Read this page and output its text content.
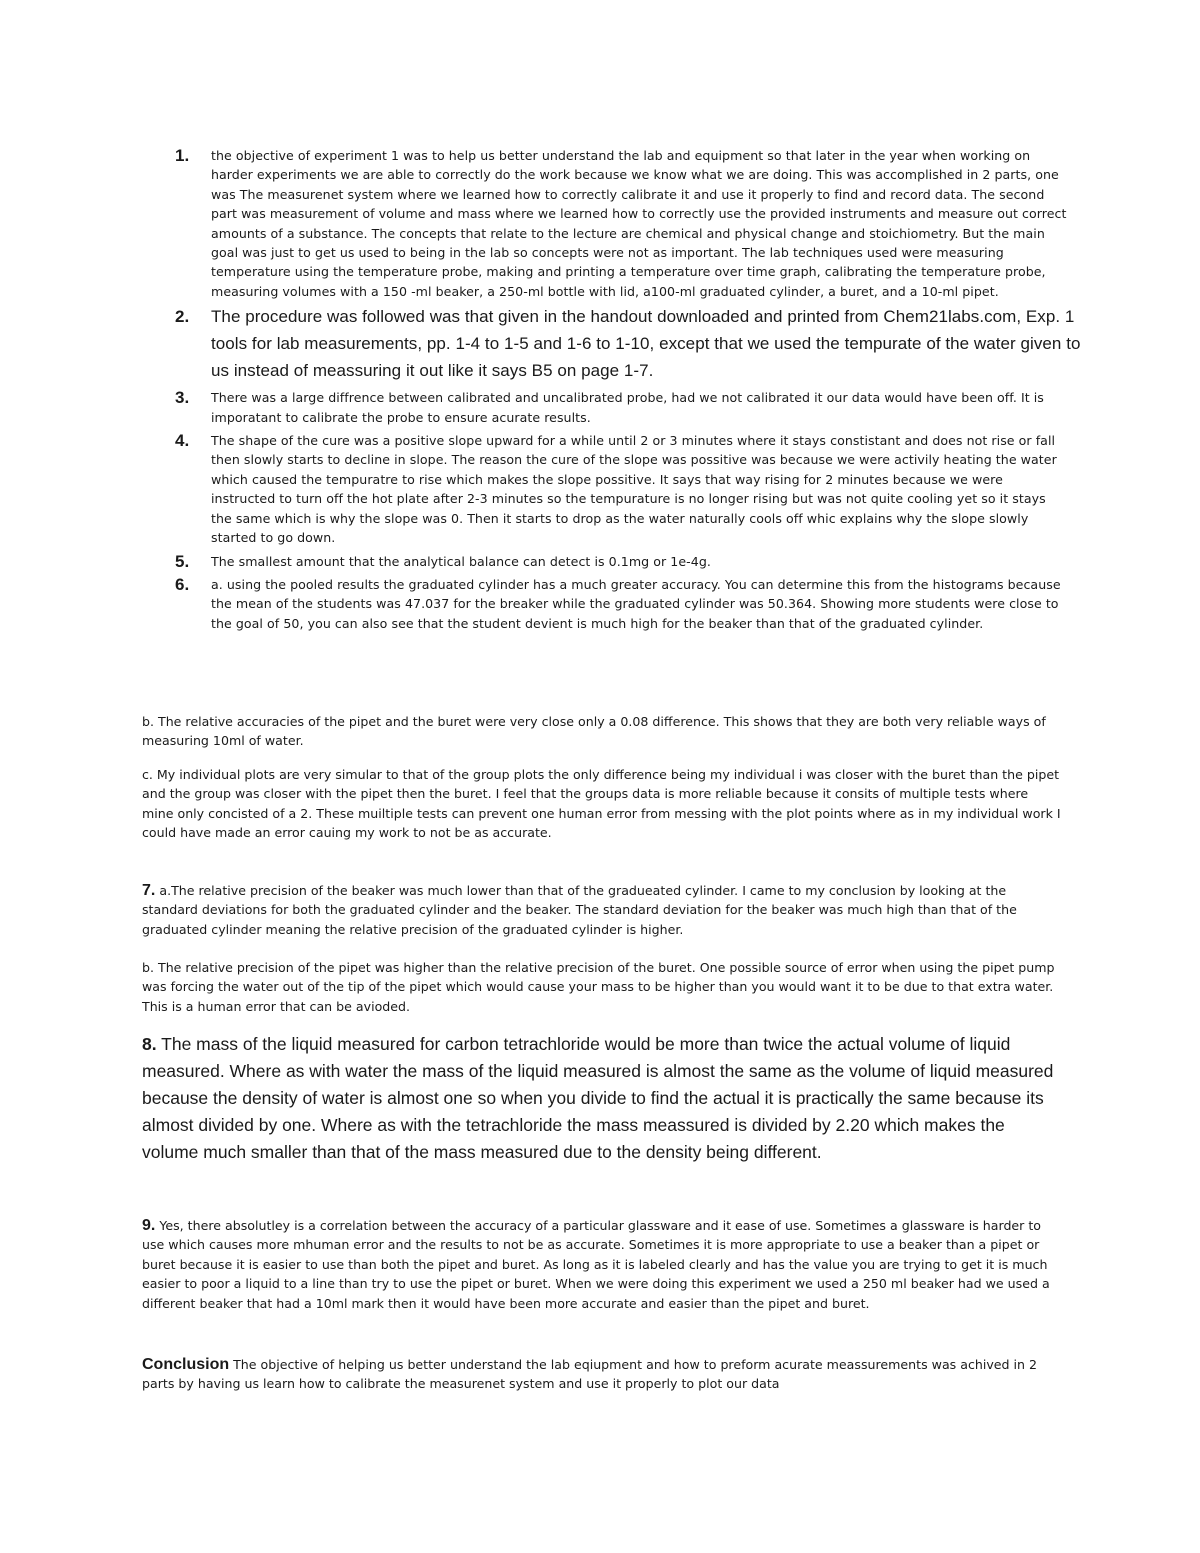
1. the objective of experiment 1 was to help us better understand the lab and equipment so that later in the year when working on harder experiments we are able to correctly do the work because we know what we are doing. This was accomplished in 2 parts, one was The measurenet system where we learned how to correctly calibrate it and use it properly to find and record data. The second part was measurement of volume and mass where we learned how to correctly use the provided instruments and measure out correct amounts of a substance. The concepts that relate to the lecture are chemical and physical change and stoichiometry. But the main goal was just to get us used to being in the lab so concepts were not as important. The lab techniques used were measuring temperature using the temperature probe, making and printing a temperature over time graph, calibrating the temperature probe, measuring volumes with a 150 -ml beaker, a 250-ml bottle with lid, a100-ml graduated cylinder, a buret, and a 10-ml pipet.
2. The procedure was followed was that given in the handout downloaded and printed from Chem21labs.com, Exp. 1 tools for lab measurements, pp. 1-4 to 1-5 and 1-6 to 1-10, except that we used the tempurate of the water given to us instead of meassuring it out like it says B5 on page 1-7.
3. There was a large diffrence between calibrated and uncalibrated probe, had we not calibrated it our data would have been off. It is imporatant to calibrate the probe to ensure acurate results.
4. The shape of the cure was a positive slope upward for a while until 2 or 3 minutes where it stays constistant and does not rise or fall then slowly starts to decline in slope. The reason the cure of the slope was possitive was because we were activily heating the water which caused the tempuratre to rise which makes the slope possitive. It says that way rising for 2 minutes because we were instructed to turn off the hot plate after 2-3 minutes so the tempurature is no longer rising but was not quite cooling yet so it stays the same which is why the slope was 0. Then it starts to drop as the water naturally cools off whic explains why the slope slowly started to go down.
5. The smallest amount that the analytical balance can detect is 0.1mg or 1e-4g.
6. a. using the pooled results the graduated cylinder has a much greater accuracy. You can determine this from the histograms because the mean of the students was 47.037 for the breaker while the graduated cylinder was 50.364. Showing more students were close to the goal of 50, you can also see that the student devient is much high for the beaker than that of the graduated cylinder.

b. The relative accuracies of the pipet and the buret were very close only a 0.08 difference. This shows that they are both very reliable ways of measuring 10ml of water.

c. My individual plots are very simular to that of the group plots the only difference being my individual i was closer with the buret than the pipet and the group was closer with the pipet then the buret. I feel that the groups data is more reliable because it consits of multiple tests where mine only concisted of a 2. These muiltiple tests can prevent one human error from messing with the plot points where as in my individual work I could have made an error cauing my work to not be as accurate.

7. a.The relative precision of the beaker was much lower than that of the gradueated cylinder. I came to my conclusion by looking at the standard deviations for both the graduated cylinder and the beaker. The standard deviation for the beaker was much high than that of the graduated cylinder meaning the relative precision of the graduated cylinder is higher.

b. The relative precision of the pipet was higher than the relative precision of the buret. One possible source of error when using the pipet pump was forcing the water out of the tip of the pipet which would cause your mass to be higher than you would want it to be due to that extra water. This is a human error that can be avioded.

8. The mass of the liquid measured for carbon tetrachloride would be more than twice the actual volume of liquid measured. Where as with water the mass of the liquid measured is almost the same as the volume of liquid measured because the density of water is almost one so when you divide to find the actual it is practically the same because its almost divided by one. Where as with the tetrachloride the mass meassured is divided by 2.20 which makes the volume much smaller than that of the mass measured due to the density being different.

9. Yes, there absolutley is a correlation between the accuracy of a particular glassware and it ease of use. Sometimes a glassware is harder to use which causes more mhuman error and the results to not be as accurate. Sometimes it is more appropriate to use a beaker than a pipet or buret because it is easier to use than both the pipet and buret. As long as it is labeled clearly and has the value you are trying to get it is much easier to poor a liquid to a line than try to use the pipet or buret. When we were doing this experiment we used a 250 ml beaker had we used a different beaker that had a 10ml mark then it would have been more accurate and easier than the pipet and buret.

Conclusion The objective of helping us better understand the lab eqiupment and how to preform acurate meassurements was achived in 2 parts by having us learn how to calibrate the measurenet system and use it properly to plot our data
